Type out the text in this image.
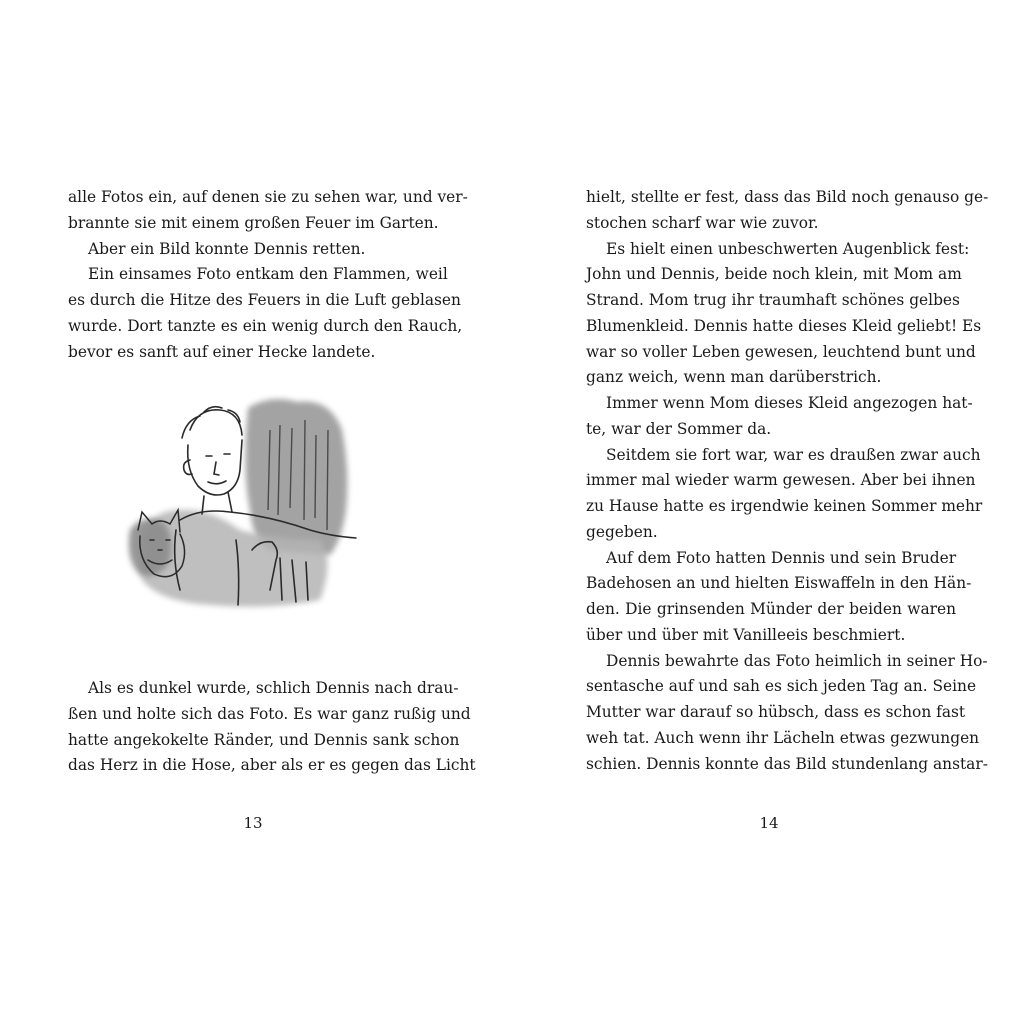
alle Fotos ein, auf denen sie zu sehen war, und ver-
brannte sie mit einem großen Feuer im Garten.
Aber ein Bild konnte Dennis retten.
Ein einsames Foto entkam den Flammen, weil
es durch die Hitze des Feuers in die Luft geblasen
wurde. Dort tanzte es ein wenig durch den Rauch,
bevor es sanft auf einer Hecke landete.
Als es dunkel wurde, schlich Dennis nach drau-
ßen und holte sich das Foto. Es war ganz rußig und
hatte angekokelte Ränder, und Dennis sank schon
das Herz in die Hose, aber als er es gegen das Licht
13
hielt, stellte er fest, dass das Bild noch genauso ge-
stochen scharf war wie zuvor.
Es hielt einen unbeschwerten Augenblick fest:
John und Dennis, beide noch klein, mit Mom am
Strand. Mom trug ihr traumhaft schönes gelbes
Blumenkleid. Dennis hatte dieses Kleid geliebt! Es
war so voller Leben gewesen, leuchtend bunt und
ganz weich, wenn man darüberstrich.
Immer wenn Mom dieses Kleid angezogen hat-
te, war der Sommer da.
Seitdem sie fort war, war es draußen zwar auch
immer mal wieder warm gewesen. Aber bei ihnen
zu Hause hatte es irgendwie keinen Sommer mehr
gegeben.
Auf dem Foto hatten Dennis und sein Bruder
Badehosen an und hielten Eiswaffeln in den Hän-
den. Die grinsenden Münder der beiden waren
über und über mit Vanilleeis beschmiert.
Dennis bewahrte das Foto heimlich in seiner Ho-
sentasche auf und sah es sich jeden Tag an. Seine
Mutter war darauf so hübsch, dass es schon fast
weh tat. Auch wenn ihr Lächeln etwas gezwungen
schien. Dennis konnte das Bild stundenlang anstar-
14
